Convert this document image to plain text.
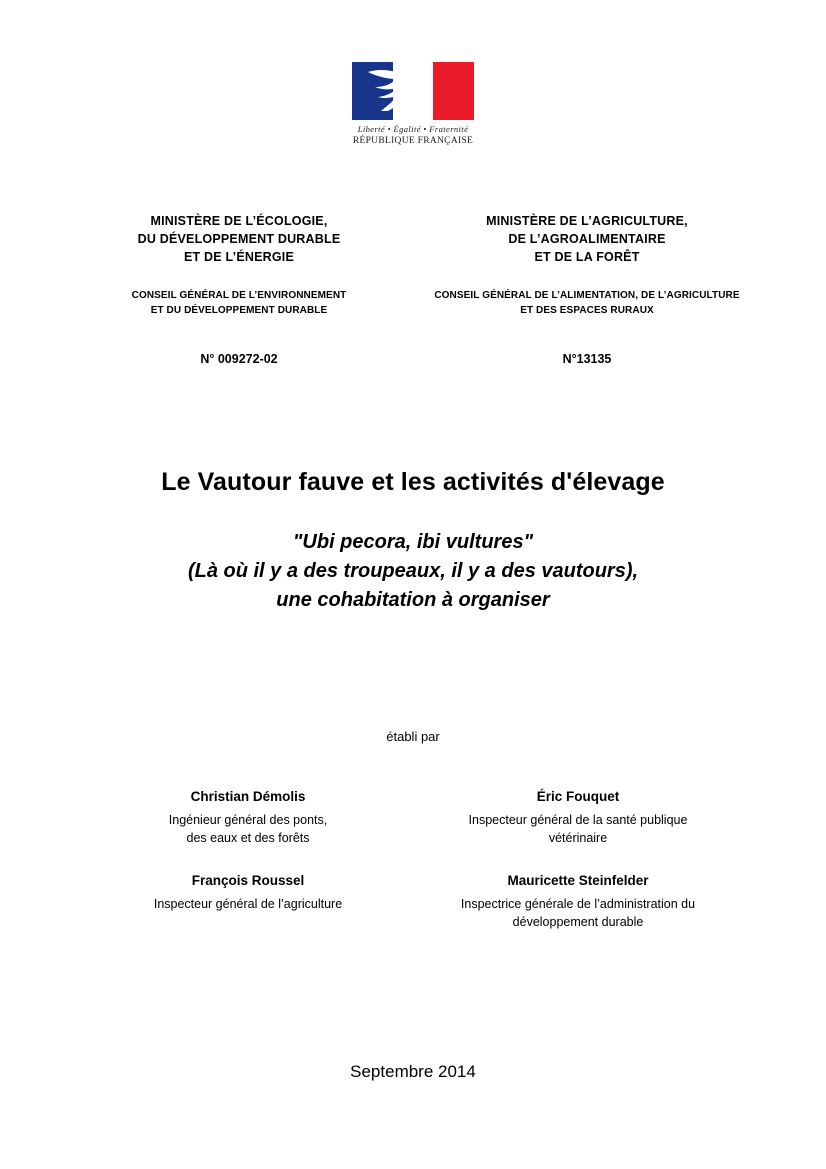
Liberté • Égalité • Fraternité
RÉPUBLIQUE FRANÇAISE
MINISTÈRE DE L’ÉCOLOGIE,
DU DÉVELOPPEMENT DURABLE
ET DE L’ÉNERGIE
CONSEIL GÉNÉRAL DE L’ENVIRONNEMENT
ET DU DÉVELOPPEMENT DURABLE
N° 009272-02
MINISTÈRE DE L’AGRICULTURE,
DE L’AGROALIMENTAIRE
ET DE LA FORÊT
CONSEIL GÉNÉRAL DE L’ALIMENTATION, DE L’AGRICULTURE
ET DES ESPACES RURAUX
N°13135
Le Vautour fauve et les activités d'élevage
"Ubi pecora, ibi vultures"
(Là où il y a des troupeaux, il y a des vautours),
une cohabitation à organiser
établi par
Christian Démolis
Ingénieur général des ponts,
des eaux et des forêts
Éric Fouquet
Inspecteur général de la santé publique
vétérinaire
François Roussel
Inspecteur général de l’agriculture
Mauricette Steinfelder
Inspectrice générale de l’administration du
développement durable
Septembre 2014
